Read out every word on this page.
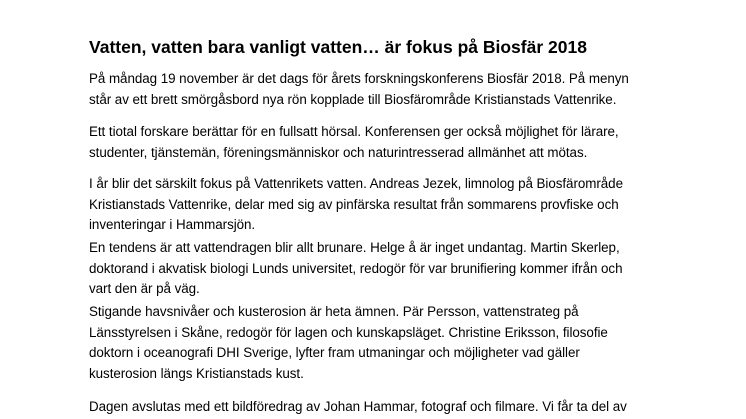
Vatten, vatten bara vanligt vatten… är fokus på Biosfär 2018

På måndag 19 november är det dags för årets forskningskonferens Biosfär 2018. På menyn
står av ett brett smörgåsbord nya rön kopplade till Biosfärområde Kristianstads Vattenrike.

Ett tiotal forskare berättar för en fullsatt hörsal. Konferensen ger också möjlighet för lärare,
studenter, tjänstemän, föreningsmänniskor och naturintresserad allmänhet att mötas.

I år blir det särskilt fokus på Vattenrikets vatten. Andreas Jezek, limnolog på Biosfärområde
Kristianstads Vattenrike, delar med sig av pinfärska resultat från sommarens provfiske och
inventeringar i Hammarsjön.

En tendens är att vattendragen blir allt brunare. Helge å är inget undantag. Martin Skerlep,
doktorand i akvatisk biologi Lunds universitet, redogör för var brunifiering kommer ifrån och
vart den är på väg.

Stigande havsnivåer och kusterosion är heta ämnen. Pär Persson, vattenstrateg på
Länsstyrelsen i Skåne, redogör för lagen och kunskapsläget. Christine Eriksson, filosofie
doktorn i oceanografi DHI Sverige, lyfter fram utmaningar och möjligheter vad gäller
kusterosion längs Kristianstads kust.

Dagen avslutas med ett bildföredrag av Johan Hammar, fotograf och filmare. Vi får ta del av
